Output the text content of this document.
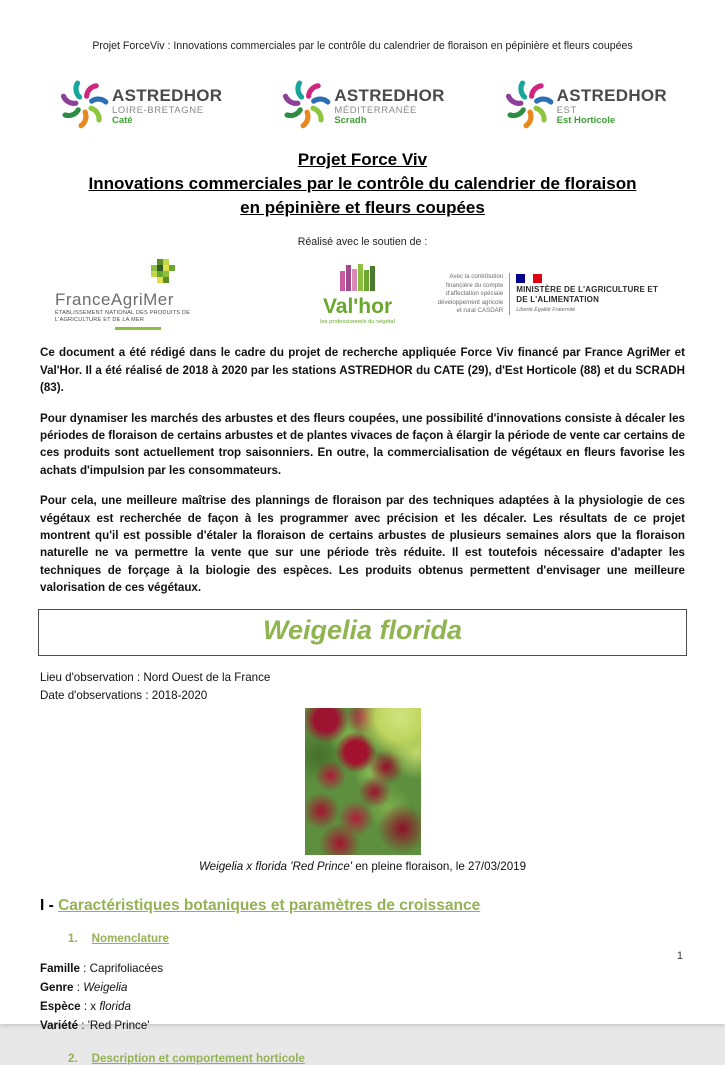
Projet ForceViv : Innovations commerciales par le contrôle du calendrier de floraison en pépinière et fleurs coupées
ASTREDHOR
LOIRE-BRETAGNE
Caté
ASTREDHOR
MÉDITERRANÉE
Scradh
ASTREDHOR
EST
Est Horticole
Projet Force Viv
Innovations commerciales par le contrôle du calendrier de floraison
en pépinière et fleurs coupées
Réalisé avec le soutien de :
FranceAgriMer
ÉTABLISSEMENT NATIONAL DES PRODUITS DE L'AGRICULTURE ET DE LA MER
Val'hor
les professionnels du végétal
Avec la contribution financière du compte d'affectation spéciale développement agricole et rural CASDAR
MINISTÈRE DE L'AGRICULTURE ET DE L'ALIMENTATION
Liberté Égalité Fraternité

Ce document a été rédigé dans le cadre du projet de recherche appliquée Force Viv financé par France AgriMer et Val'Hor. Il a été réalisé de 2018 à 2020 par les stations ASTREDHOR du CATE (29), d'Est Horticole (88) et du SCRADH (83).

Pour dynamiser les marchés des arbustes et des fleurs coupées, une possibilité d'innovations consiste à décaler les périodes de floraison de certains arbustes et de plantes vivaces de façon à élargir la période de vente car certains de ces produits sont actuellement trop saisonniers. En outre, la commercialisation de végétaux en fleurs favorise les achats d'impulsion par les consommateurs.

Pour cela, une meilleure maîtrise des plannings de floraison par des techniques adaptées à la physiologie de ces végétaux est recherchée de façon à les programmer avec précision et les décaler. Les résultats de ce projet montrent qu'il est possible d'étaler la floraison de certains arbustes de plusieurs semaines alors que la floraison naturelle ne va permettre la vente que sur une période très réduite. Il est toutefois nécessaire d'adapter les techniques de forçage à la biologie des espèces. Les produits obtenus permettent d'envisager une meilleure valorisation de ces végétaux.

Weigelia florida
Lieu d'observation : Nord Ouest de la France
Date d'observations : 2018-2020
Weigelia x florida 'Red Prince' en pleine floraison, le 27/03/2019
I - Caractéristiques botaniques et paramètres de croissance
1. Nomenclature
Famille : Caprifoliacées
Genre : Weigelia
Espèce : x florida
Variété : 'Red Prince'
2. Description et comportement horticole
1
